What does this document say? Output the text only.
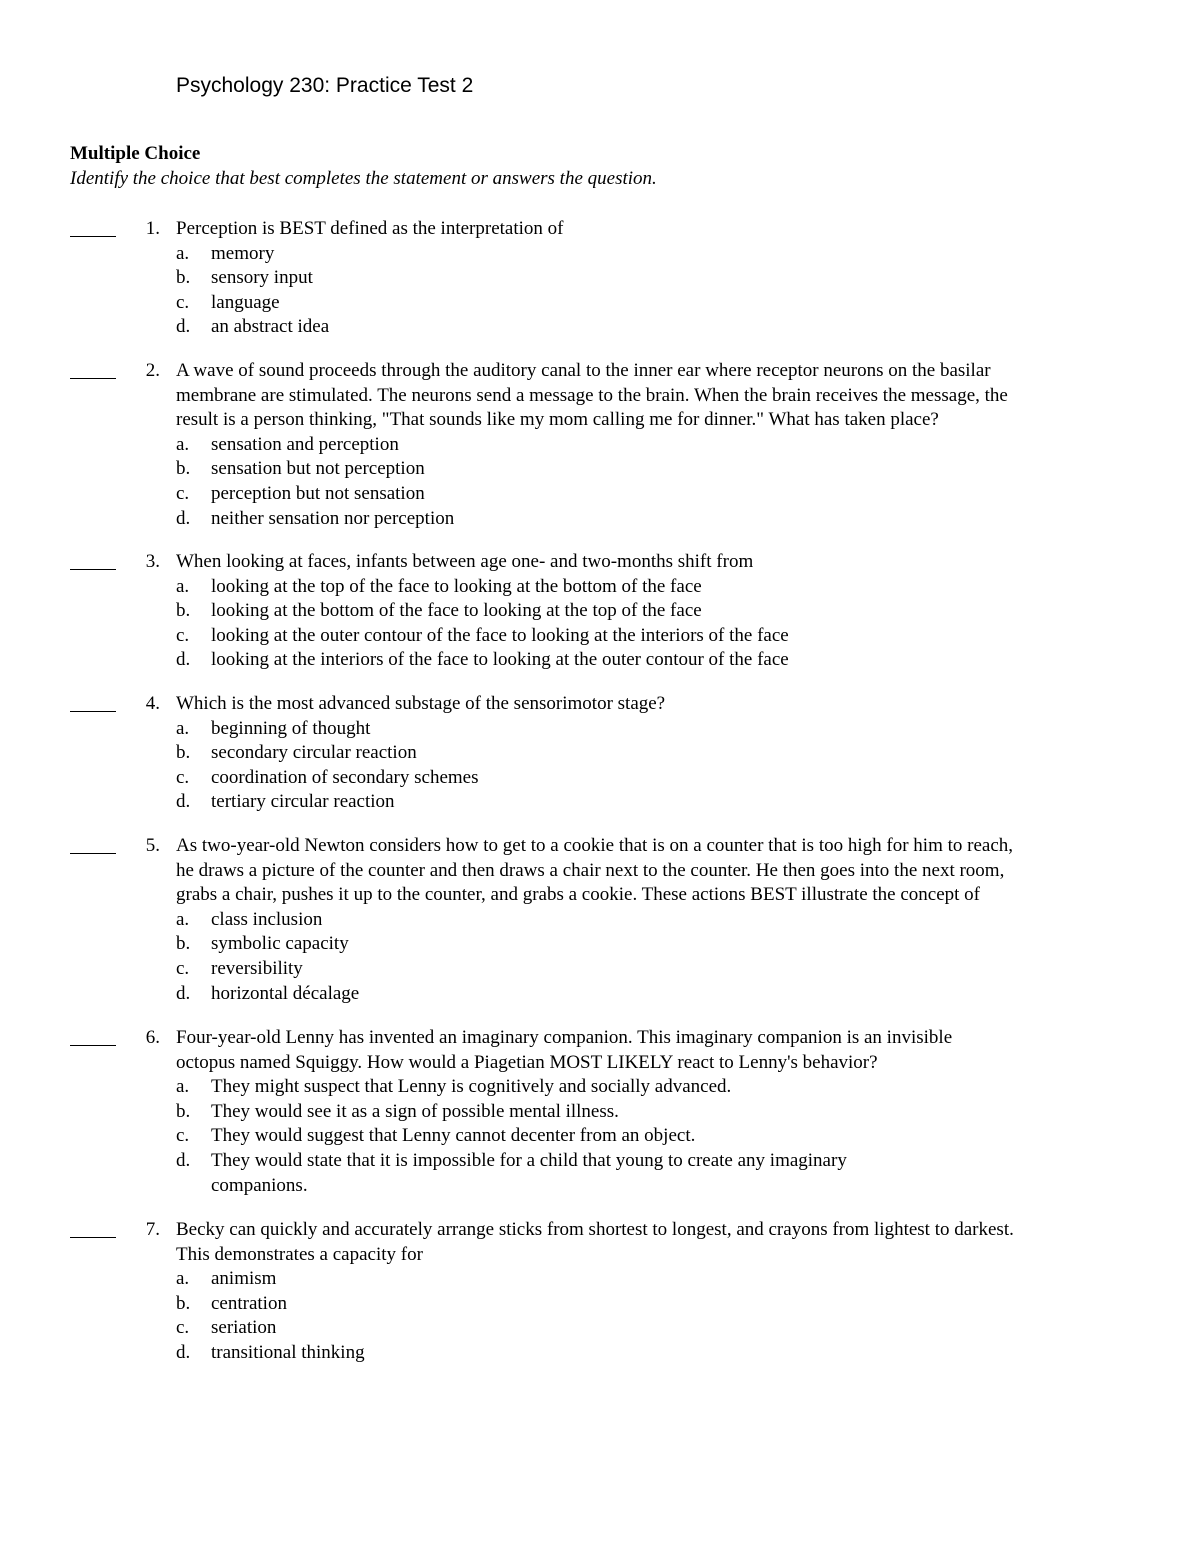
Psychology 230: Practice Test 2
Multiple Choice
Identify the choice that best completes the statement or answers the question.
1. Perception is BEST defined as the interpretation of
a.	memory
b.	sensory input
c.	language
d.	an abstract idea
2. A wave of sound proceeds through the auditory canal to the inner ear where receptor neurons on the basilar
membrane are stimulated. The neurons send a message to the brain. When the brain receives the message, the
result is a person thinking, "That sounds like my mom calling me for dinner." What has taken place?
a.	sensation and perception
b.	sensation but not perception
c.	perception but not sensation
d.	neither sensation nor perception
3. When looking at faces, infants between age one- and two-months shift from
a.	looking at the top of the face to looking at the bottom of the face
b.	looking at the bottom of the face to looking at the top of the face
c.	looking at the outer contour of the face to looking at the interiors of the face
d.	looking at the interiors of the face to looking at the outer contour of the face
4. Which is the most advanced substage of the sensorimotor stage?
a.	beginning of thought
b.	secondary circular reaction
c.	coordination of secondary schemes
d.	tertiary circular reaction
5. As two-year-old Newton considers how to get to a cookie that is on a counter that is too high for him to reach,
he draws a picture of the counter and then draws a chair next to the counter. He then goes into the next room,
grabs a chair, pushes it up to the counter, and grabs a cookie. These actions BEST illustrate the concept of
a.	class inclusion
b.	symbolic capacity
c.	reversibility
d.	horizontal décalage
6. Four-year-old Lenny has invented an imaginary companion. This imaginary companion is an invisible
octopus named Squiggy. How would a Piagetian MOST LIKELY react to Lenny's behavior?
a.	They might suspect that Lenny is cognitively and socially advanced.
b.	They would see it as a sign of possible mental illness.
c.	They would suggest that Lenny cannot decenter from an object.
d.	They would state that it is impossible for a child that young to create any imaginary
companions.
7. Becky can quickly and accurately arrange sticks from shortest to longest, and crayons from lightest to darkest.
This demonstrates a capacity for
a.	animism
b.	centration
c.	seriation
d.	transitional thinking
